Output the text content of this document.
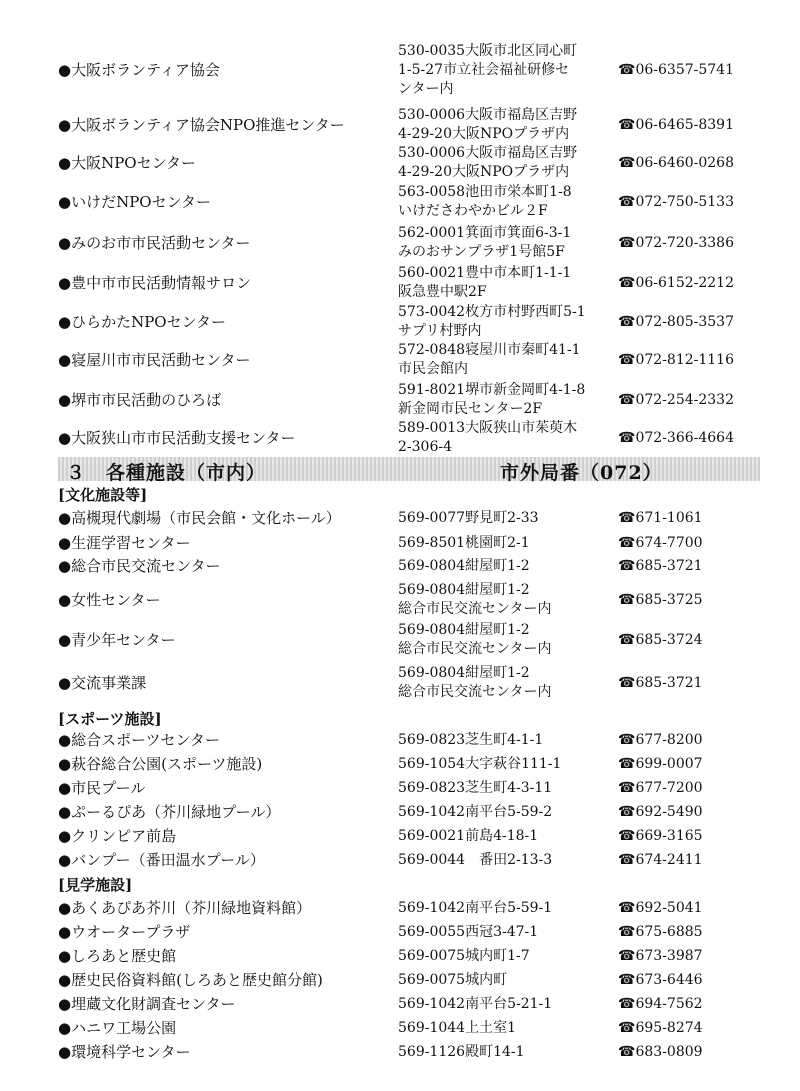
３　各種施設（市内）	市外局番（072）
●大阪ボランティア協会
530-0035大阪市北区同心町
1-5-27市立社会福祉研修セ
ンター内
☎06-6357-5741
●大阪ボランティア協会NPO推進センター
530-0006大阪市福島区吉野
4-29-20大阪NPOプラザ内
☎06-6465-8391
●大阪NPOセンター
530-0006大阪市福島区吉野
4-29-20大阪NPOプラザ内
☎06-6460-0268
●いけだNPOセンター
563-0058池田市栄本町1-8
いけださわやかビル２F
☎072-750-5133
●みのお市市民活動センター
562-0001箕面市箕面6-3-1
みのおサンプラザ1号館5F
☎072-720-3386
●豊中市市民活動情報サロン
560-0021豊中市本町1-1-1
阪急豊中駅2F
☎06-6152-2212
●ひらかたNPOセンター
573-0042枚方市村野西町5-1
サプリ村野内
☎072-805-3537
●寝屋川市市民活動センター
572-0848寝屋川市秦町41-1
市民会館内
☎072-812-1116
●堺市市民活動のひろば
591-8021堺市新金岡町4-1-8
新金岡市民センター2F
☎072-254-2332
●大阪狭山市市民活動支援センター
589-0013大阪狭山市茱萸木
2-306-4
☎072-366-4664
[文化施設等]
●高槻現代劇場（市民会館・文化ホール）	569-0077野見町2-33	☎671-1061
●生涯学習センター	569-8501桃園町2-1	☎674-7700
●総合市民交流センター	569-0804紺屋町1-2	☎685-3721
●女性センター
569-0804紺屋町1-2
総合市民交流センター内
☎685-3725
●青少年センター
569-0804紺屋町1-2
総合市民交流センター内
☎685-3724
●交流事業課
569-0804紺屋町1-2
総合市民交流センター内
☎685-3721
[スポーツ施設]
●総合スポーツセンター	569-0823芝生町4-1-1	☎677-8200
●萩谷総合公園(スポーツ施設)	569-1054大字萩谷111-1	☎699-0007
●市民プール	569-0823芝生町4-3-11	☎677-7200
●ぷーるぴあ（芥川緑地プール）	569-1042南平台5-59-2	☎692-5490
●クリンピア前島	569-0021前島4-18-1	☎669-3165
●バンプー（番田温水プール）	569-0044　番田2-13-3	☎674-2411
[見学施設]
●あくあぴあ芥川（芥川緑地資料館）	569-1042南平台5-59-1	☎692-5041
●ウオータープラザ	569-0055西冠3-47-1	☎675-6885
●しろあと歴史館	569-0075城内町1-7	☎673-3987
●歴史民俗資料館(しろあと歴史館分館)	569-0075城内町	☎673-6446
●埋蔵文化財調査センター	569-1042南平台5-21-1	☎694-7562
●ハニワ工場公園	569-1044上土室1	☎695-8274
●環境科学センター	569-1126殿町14-1	☎683-0809
